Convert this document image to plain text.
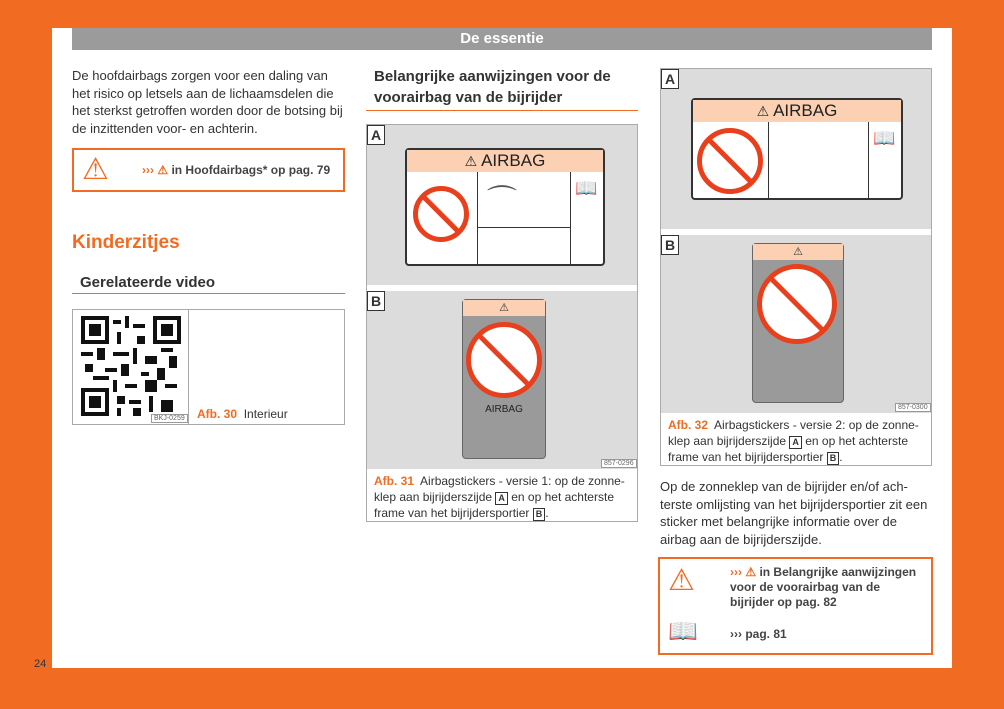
De essentie
De hoofdairbags zorgen voor een daling van het risico op letsels aan de lichaamsdelen die het sterkst getroffen worden door de botsing bij de inzittenden voor- en achterin.
⚠	››› ⚠ in Hoofdairbags* op pag. 79
Kinderzitjes
Gerelateerde video
BKJ-0259 Afb. 30 Interieur
Belangrijke aanwijzingen voor de voorairbag van de bijrijder
A
⚠ AIRBAG
⌒	📖
B	⚠
AIRBAG
857-0296
Afb. 31 Airbagstickers - versie 1: op de zonne-klep aan bijrijderszijde A en op het achterste frame van het bijrijdersportier B .
A
⚠ AIRBAG
📖
B	⚠
857-0300
Afb. 32 Airbagstickers - versie 2: op de zonne-klep aan bijrijderszijde A en op het achterste frame van het bijrijdersportier B .
Op de zonneklep van de bijrijder en/of ach-terste omlijsting van het bijrijdersportier zit een sticker met belangrijke informatie over de airbag aan de bijrijderszijde.
⚠	››› ⚠ in Belangrijke aanwijzingen voor de voorairbag van de bijrijder op pag. 82
📖	››› pag. 81
24
